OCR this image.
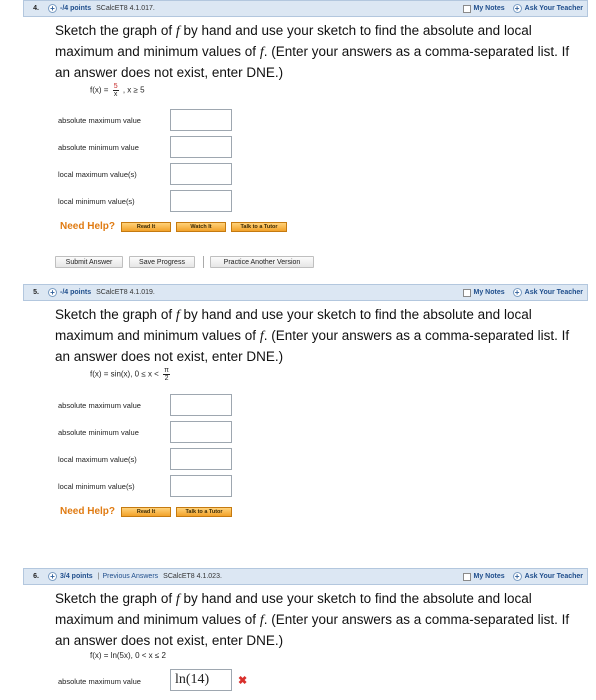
4.	+ -/4 points SCalcET8 4.1.017.	My Notes + Ask Your Teacher

Sketch the graph of f by hand and use your sketch to find the absolute and local maximum and minimum values of f. (Enter your answers as a comma-separated list. If an answer does not exist, enter DNE.)

$f(x) = \frac{5}{x}$ , x ≥ 5
absolute maximum value
absolute minimum value
local maximum value(s)
local minimum value(s)
Need Help?	Read It	Watch It	Talk to a Tutor
Submit Answer	Save Progress	Practice Another Version
5.	+ -/4 points SCalcET8 4.1.019.	My Notes + Ask Your Teacher

Sketch the graph of f by hand and use your sketch to find the absolute and local maximum and minimum values of f. (Enter your answers as a comma-separated list. If an answer does not exist, enter DNE.)

f(x) = sin(x), $0 \le x < \frac{\pi}{2}$
absolute maximum value
absolute minimum value
local maximum value(s)
local minimum value(s)
Need Help?	Read It	Talk to a Tutor
6.	+ 3/4 points | Previous Answers SCalcET8 4.1.023.	My Notes + Ask Your Teacher

Sketch the graph of f by hand and use your sketch to find the absolute and local maximum and minimum values of f. (Enter your answers as a comma-separated list. If an answer does not exist, enter DNE.)

f(x) = ln(5x), 0 < x ≤ 2
absolute maximum value	ln(14)	✖
